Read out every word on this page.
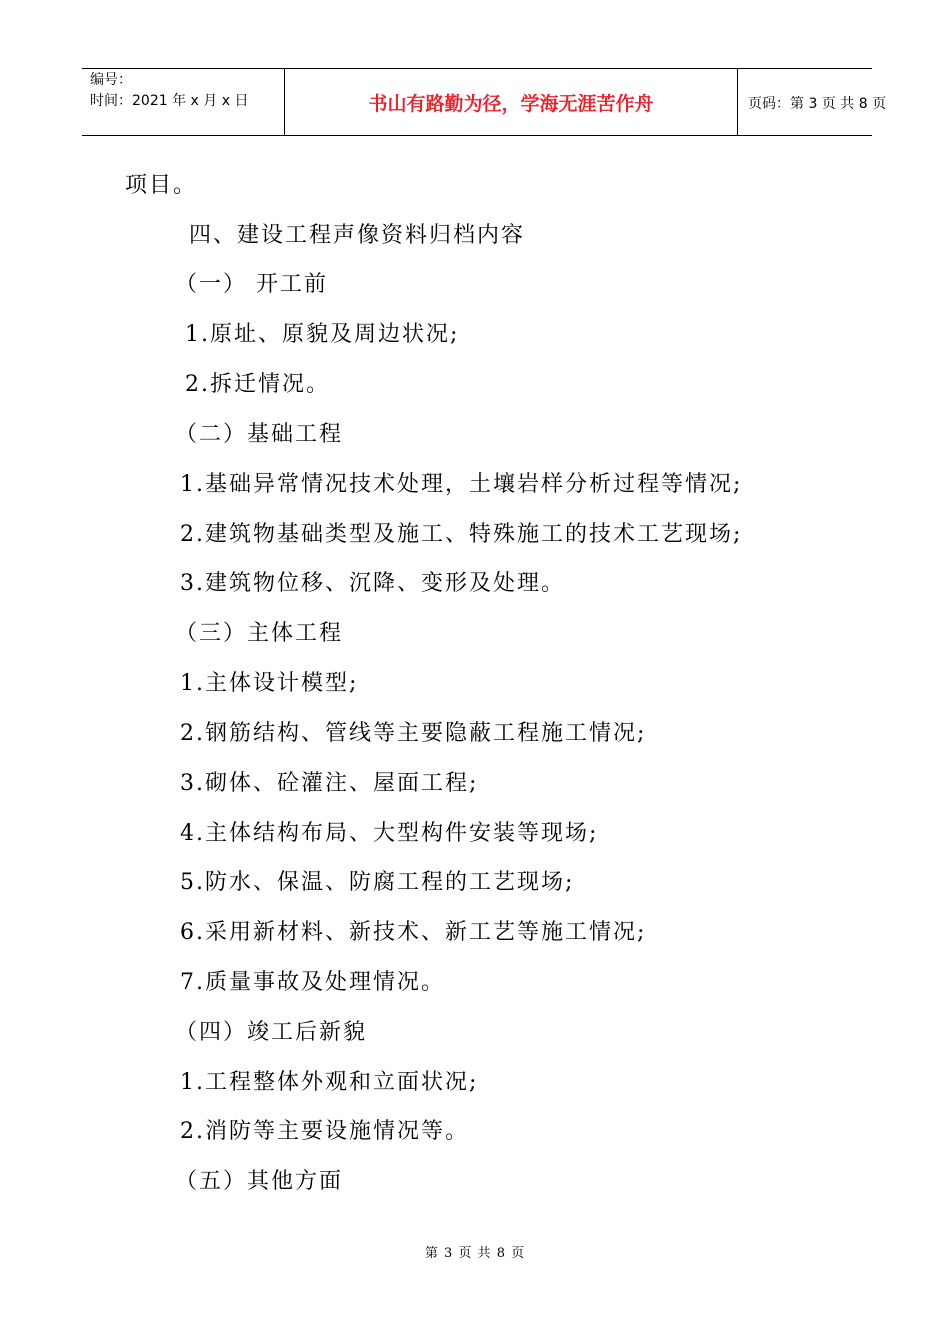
编号：
时间：2021 年 x 月 x 日	书山有路勤为径，学海无涯苦作舟	页码：第 3 页 共 8 页
项目。
四、建设工程声像资料归档内容
（一） 开工前
1.原址、原貌及周边状况;
2.拆迁情况。
（二）基础工程
1.基础异常情况技术处理，土壤岩样分析过程等情况;
2.建筑物基础类型及施工、特殊施工的技术工艺现场;
3.建筑物位移、沉降、变形及处理。
（三）主体工程
1.主体设计模型;
2.钢筋结构、管线等主要隐蔽工程施工情况;
3.砌体、砼灌注、屋面工程;
4.主体结构布局、大型构件安装等现场;
5.防水、保温、防腐工程的工艺现场;
6.采用新材料、新技术、新工艺等施工情况;
7.质量事故及处理情况。
（四）竣工后新貌
1.工程整体外观和立面状况;
2.消防等主要设施情况等。
（五）其他方面
第 3 页 共 8 页
